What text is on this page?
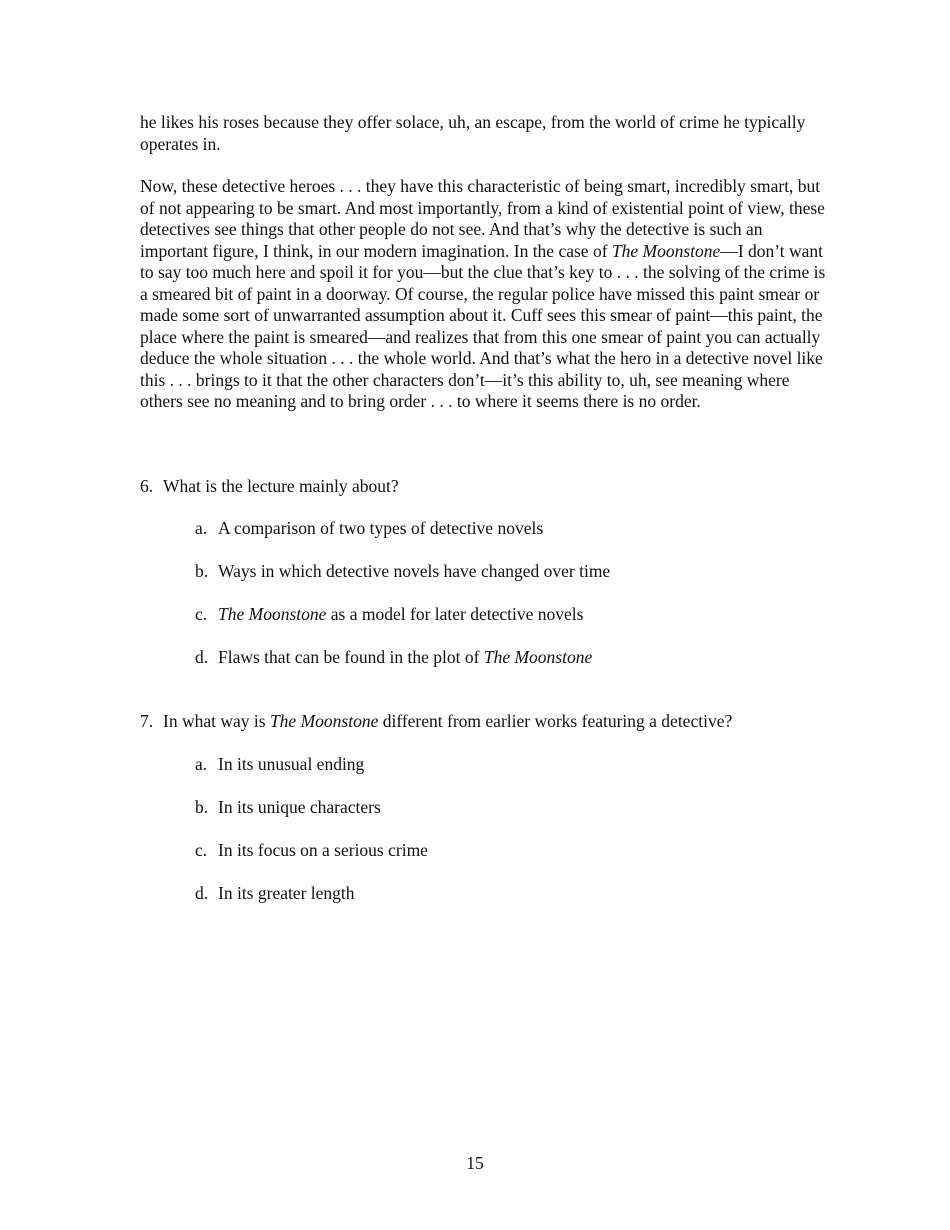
he likes his roses because they offer solace, uh, an escape, from the world of crime he typically operates in.

Now, these detective heroes . . . they have this characteristic of being smart, incredibly smart, but of not appearing to be smart. And most importantly, from a kind of existential point of view, these detectives see things that other people do not see. And that’s why the detective is such an important figure, I think, in our modern imagination. In the case of The Moonstone—I don’t want to say too much here and spoil it for you—but the clue that’s key to . . . the solving of the crime is a smeared bit of paint in a doorway. Of course, the regular police have missed this paint smear or made some sort of unwarranted assumption about it. Cuff sees this smear of paint—this paint, the place where the paint is smeared—and realizes that from this one smear of paint you can actually deduce the whole situation . . . the whole world. And that’s what the hero in a detective novel like this . . . brings to it that the other characters don’t—it’s this ability to, uh, see meaning where others see no meaning and to bring order . . . to where it seems there is no order.

6. What is the lecture mainly about?
a. A comparison of two types of detective novels
b. Ways in which detective novels have changed over time
c. The Moonstone as a model for later detective novels
d. Flaws that can be found in the plot of The Moonstone
7. In what way is The Moonstone different from earlier works featuring a detective?
a. In its unusual ending
b. In its unique characters
c. In its focus on a serious crime
d. In its greater length
15
